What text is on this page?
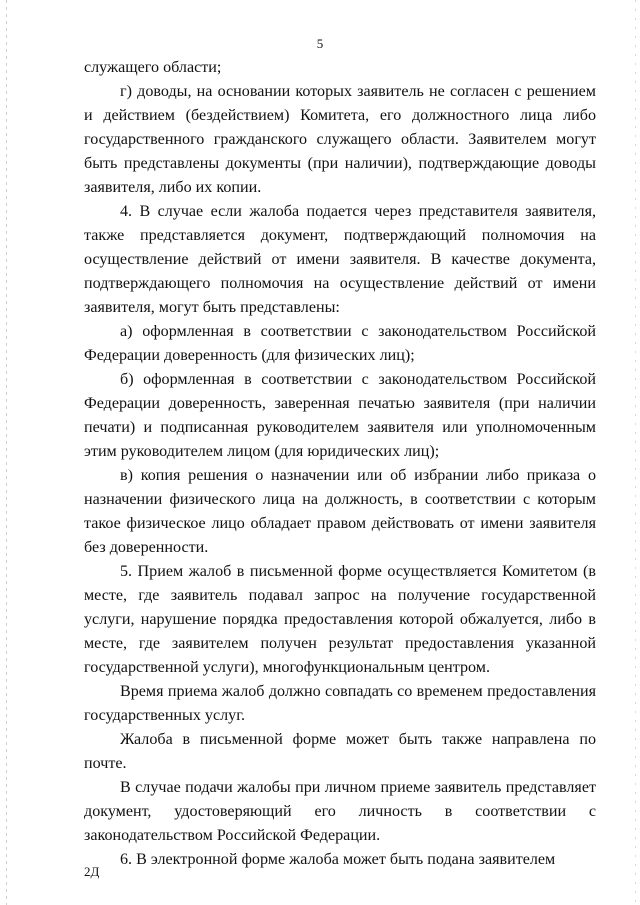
5

служащего области;

г) доводы, на основании которых заявитель не согласен с решением и действием (бездействием) Комитета, его должностного лица либо государственного гражданского служащего области. Заявителем могут быть представлены документы (при наличии), подтверждающие доводы заявителя, либо их копии.

4. В случае если жалоба подается через представителя заявителя, также представляется документ, подтверждающий полномочия на осуществление действий от имени заявителя. В качестве документа, подтверждающего полномочия на осуществление действий от имени заявителя, могут быть представлены:

а) оформленная в соответствии с законодательством Российской Федерации доверенность (для физических лиц);

б) оформленная в соответствии с законодательством Российской Федерации доверенность, заверенная печатью заявителя (при наличии печати) и подписанная руководителем заявителя или уполномоченным этим руководителем лицом (для юридических лиц);

в) копия решения о назначении или об избрании либо приказа о назначении физического лица на должность, в соответствии с которым такое физическое лицо обладает правом действовать от имени заявителя без доверенности.

5. Прием жалоб в письменной форме осуществляется Комитетом (в месте, где заявитель подавал запрос на получение государственной услуги, нарушение порядка предоставления которой обжалуется, либо в месте, где заявителем получен результат предоставления указанной государственной услуги), многофункциональным центром.

Время приема жалоб должно совпадать со временем предоставления государственных услуг.

Жалоба в письменной форме может быть также направлена по почте.

В случае подачи жалобы при личном приеме заявитель представляет документ, удостоверяющий его личность в соответствии с законодательством Российской Федерации.

6. В электронной форме жалоба может быть подана заявителем

2Д
